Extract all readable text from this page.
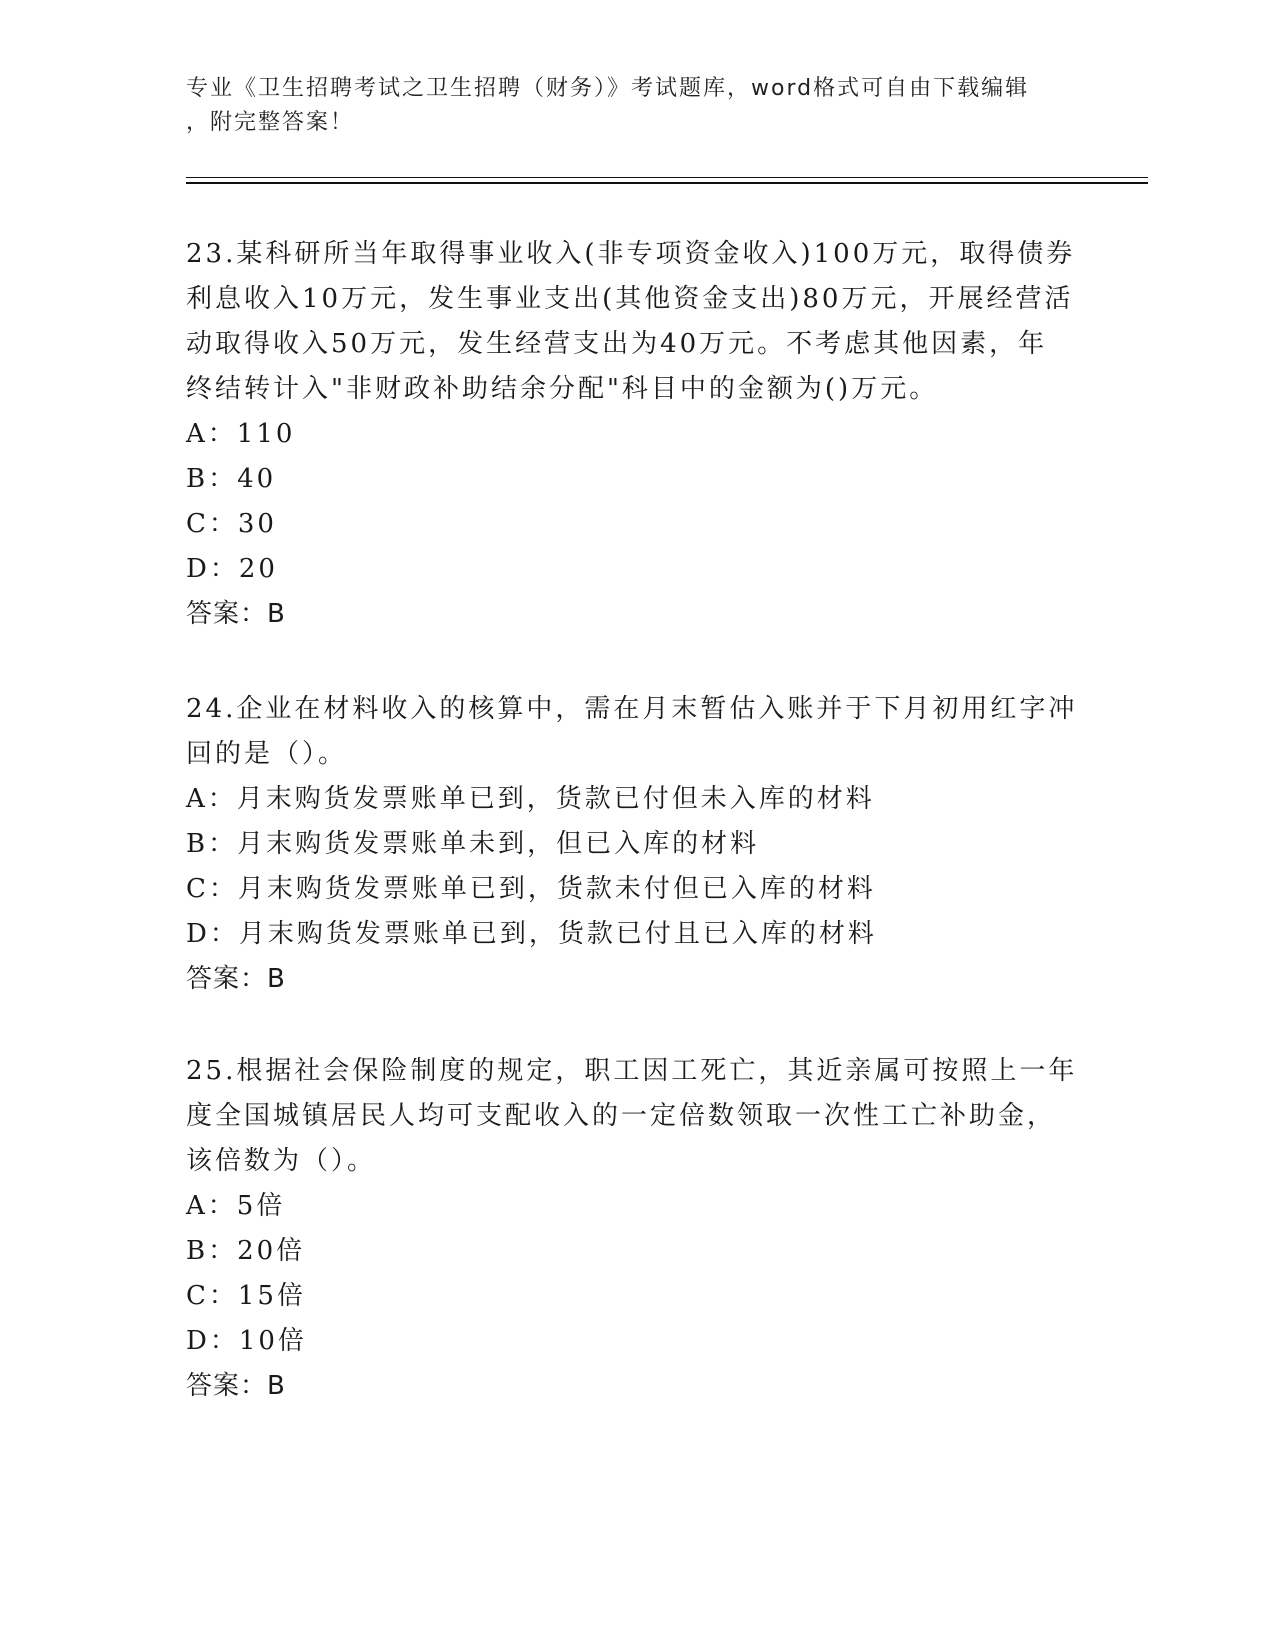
专业《卫生招聘考试之卫生招聘（财务）》考试题库，word格式可自由下载编辑
，附完整答案！
23.某科研所当年取得事业收入(非专项资金收入)100万元，取得债券
利息收入10万元，发生事业支出(其他资金支出)80万元，开展经营活
动取得收入50万元，发生经营支出为40万元。不考虑其他因素，年
终结转计入"非财政补助结余分配"科目中的金额为()万元。
A：110
B：40
C：30
D：20
答案：B
24.企业在材料收入的核算中，需在月末暂估入账并于下月初用红字冲
回的是（）。
A：月末购货发票账单已到，货款已付但未入库的材料
B：月末购货发票账单未到，但已入库的材料
C：月末购货发票账单已到，货款未付但已入库的材料
D：月末购货发票账单已到，货款已付且已入库的材料
答案：B
25.根据社会保险制度的规定，职工因工死亡，其近亲属可按照上一年
度全国城镇居民人均可支配收入的一定倍数领取一次性工亡补助金，
该倍数为（）。
A：5倍
B：20倍
C：15倍
D：10倍
答案：B
